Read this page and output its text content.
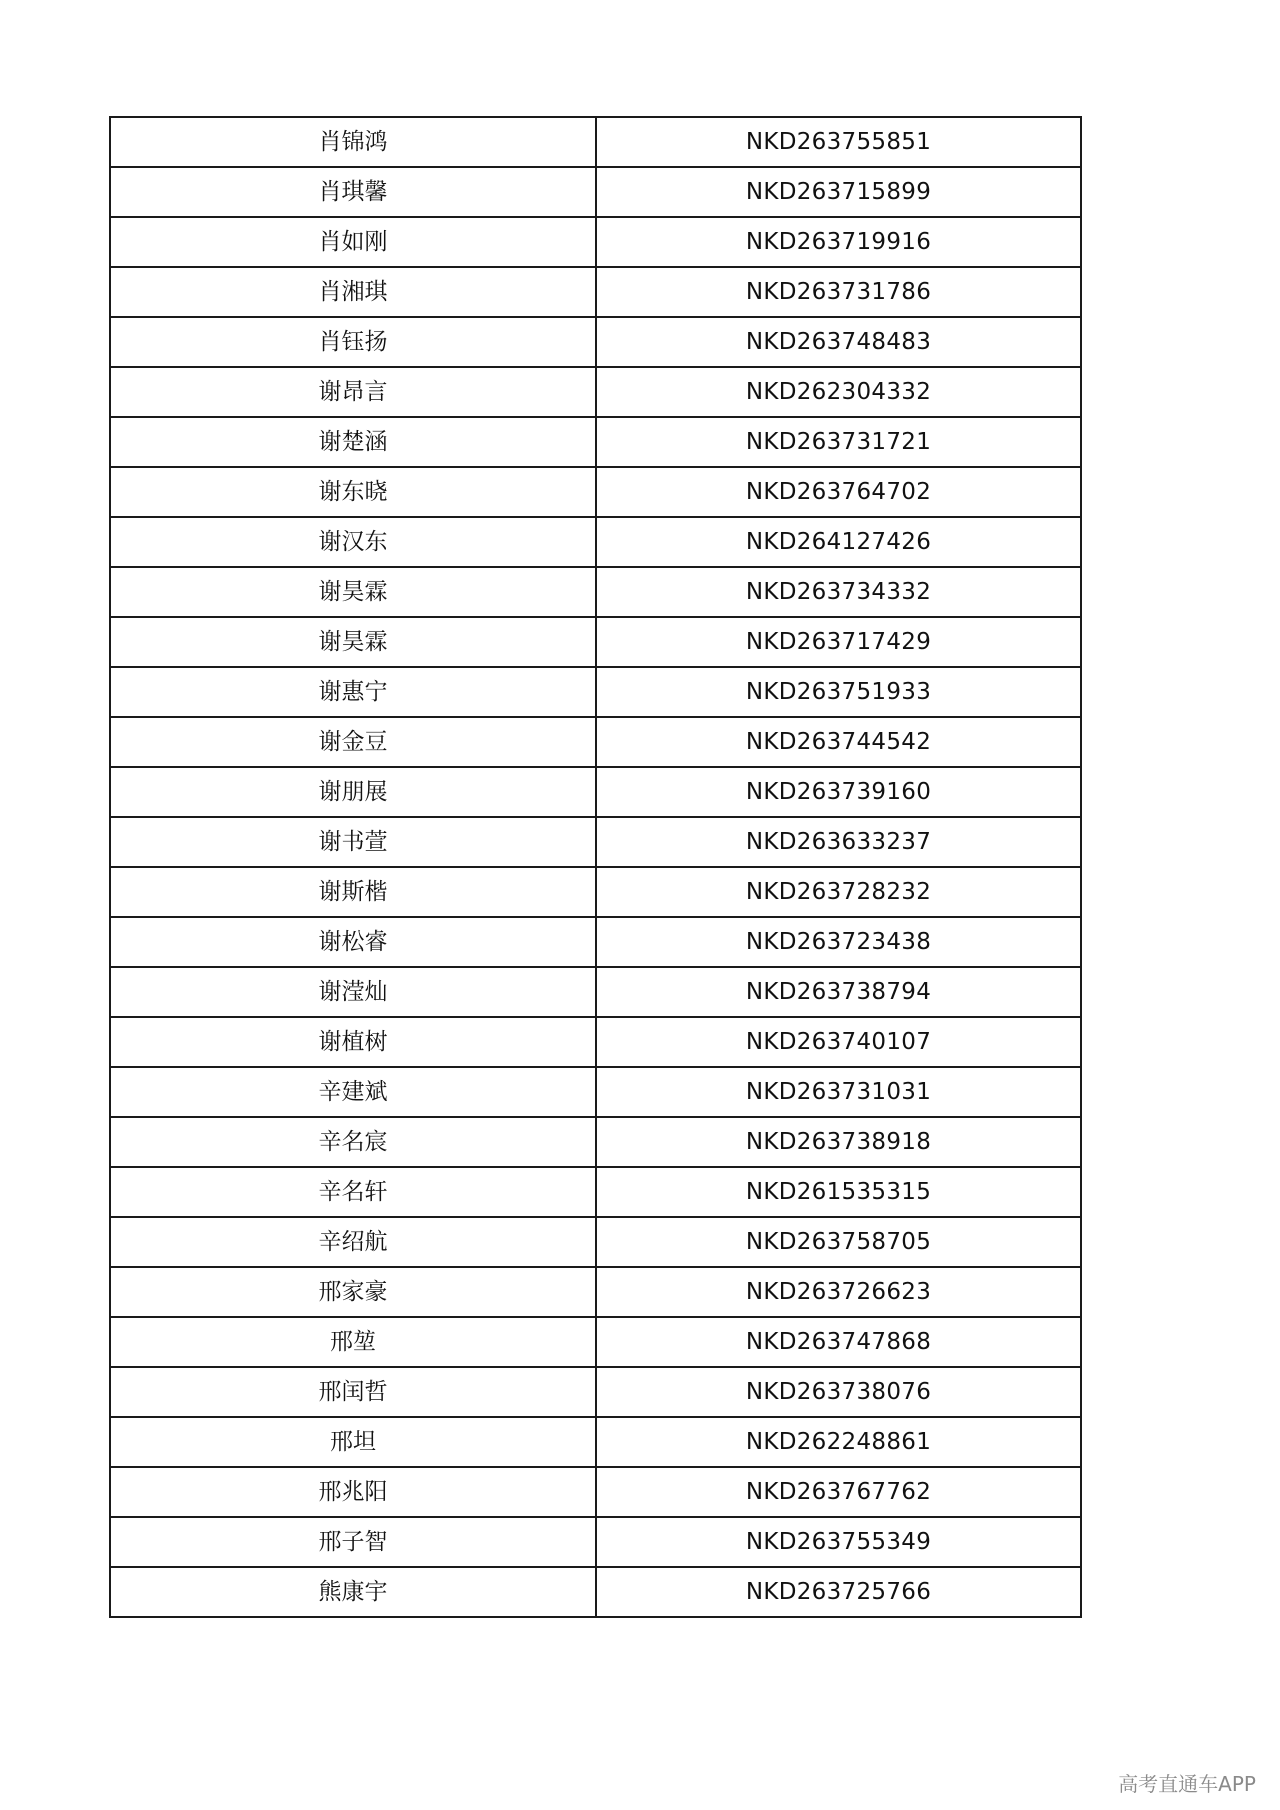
肖锦鸿	NKD263755851
肖琪馨	NKD263715899
肖如刚	NKD263719916
肖湘琪	NKD263731786
肖钰扬	NKD263748483
谢昂言	NKD262304332
谢楚涵	NKD263731721
谢东晓	NKD263764702
谢汉东	NKD264127426
谢昊霖	NKD263734332
谢昊霖	NKD263717429
谢惠宁	NKD263751933
谢金豆	NKD263744542
谢朋展	NKD263739160
谢书萱	NKD263633237
谢斯楷	NKD263728232
谢松睿	NKD263723438
谢滢灿	NKD263738794
谢植树	NKD263740107
辛建斌	NKD263731031
辛名宸	NKD263738918
辛名轩	NKD261535315
辛绍航	NKD263758705
邢家豪	NKD263726623
邢堃	NKD263747868
邢闰哲	NKD263738076
邢坦	NKD262248861
邢兆阳	NKD263767762
邢子智	NKD263755349
熊康宇	NKD263725766
高考直通车APP
